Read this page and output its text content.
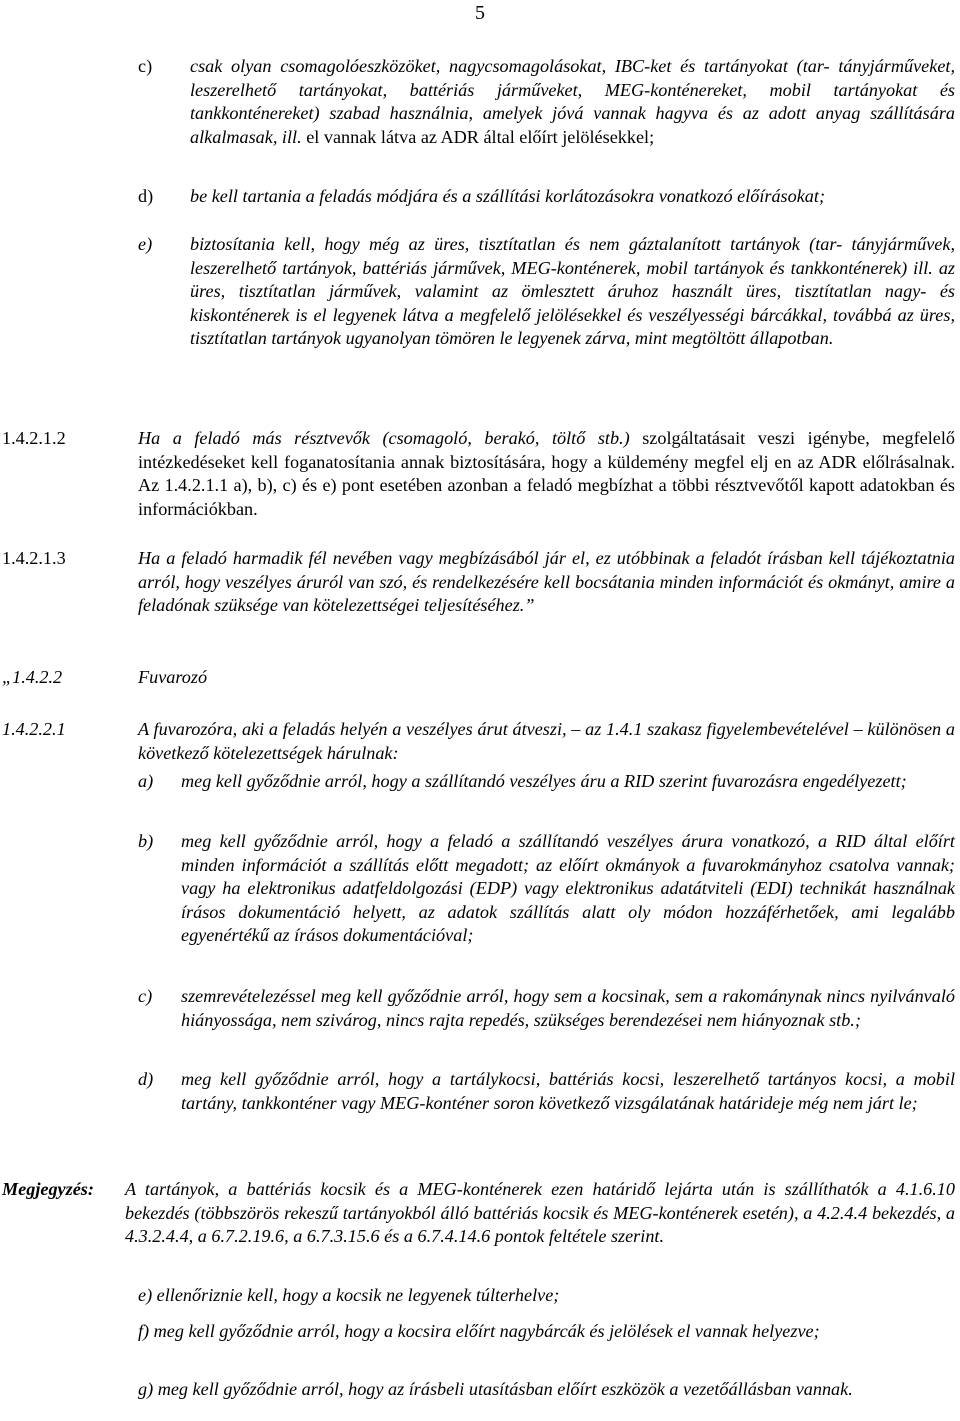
5
c) csak olyan csomagolóeszközöket, nagycsomagolásokat, IBC-ket és tartányokat (tar- tányjárműveket, leszerelhető tartányokat, battériás járműveket, MEG-konténereket, mobil tartányokat és tankkonténereket) szabad használnia, amelyek jóvá vannak hagyva és az adott anyag szállítására alkalmasak, ill. el vannak látva az ADR által előírt jelölésekkel;
d) be kell tartania a feladás módjára és a szállítási korlátozásokra vonatkozó előírásokat;
e) biztosítania kell, hogy még az üres, tisztítatlan és nem gáztalanított tartányok (tar- tányjárművek, leszerelhető tartányok, battériás járművek, MEG-konténerek, mobil tartányok és tankkonténerek) ill. az üres, tisztítatlan járművek, valamint az ömlesztett áruhoz használt üres, tisztítatlan nagy- és kiskonténerek is el legyenek látva a megfelelő jelölésekkel és veszélyességi bárcákkal, továbbá az üres, tisztítatlan tartányok ugyanolyan tömören le legyenek zárva, mint megtöltött állapotban.
1.4.2.1.2	Ha a feladó más résztvevők (csomagoló, berakó, töltő stb.) szolgáltatásait veszi igénybe, megfelelő intézkedéseket kell foganatosítania annak biztosítására, hogy a küldemény megfel elj en az ADR előlrásalnak. Az 1.4.2.1.1 a), b), c) és e) pont esetében azonban a feladó megbízhat a többi résztvevőtől kapott adatokban és információkban.
1.4.2.1.3	Ha a feladó harmadik fél nevében vagy megbízásából jár el, ez utóbbinak a feladót írásban kell tájékoztatnia arról, hogy veszélyes áruról van szó, és rendelkezésére kell bocsátania minden információt és okmányt, amire a feladónak szüksége van kötelezettségei teljesítéséhez.”
„1.4.2.2	Fuvarozó
1.4.2.2.1	A fuvarozóra, aki a feladás helyén a veszélyes árut átveszi, – az 1.4.1 szakasz figyelembevételével – különösen a következő kötelezettségek hárulnak:
a) meg kell győződnie arról, hogy a szállítandó veszélyes áru a RID szerint fuvarozásra engedélyezett;
b) meg kell győződnie arról, hogy a feladó a szállítandó veszélyes árura vonatkozó, a RID által előírt minden információt a szállítás előtt megadott; az előírt okmányok a fuvarokmányhoz csatolva vannak; vagy ha elektronikus adatfeldolgozási (EDP) vagy elektronikus adatátviteli (EDI) technikát használnak írásos dokumentáció helyett, az adatok szállítás alatt oly módon hozzáférhetőek, ami legalább egyenértékű az írásos dokumentációval;
c) szemrevételezéssel meg kell győződnie arról, hogy sem a kocsinak, sem a rakománynak nincs nyilvánvaló hiányossága, nem szivárog, nincs rajta repedés, szükséges berendezései nem hiányoznak stb.;
d) meg kell győződnie arról, hogy a tartálykocsi, battériás kocsi, leszerelhető tartányos kocsi, a mobil tartány, tankkonténer vagy MEG-konténer soron következő vizsgálatának határideje még nem járt le;
Megjegyzés: A tartányok, a battériás kocsik és a MEG-konténerek ezen határidő lejárta után is szállíthatók a 4.1.6.10 bekezdés (többszörös rekeszű tartányokból álló battériás kocsik és MEG-konténerek esetén), a 4.2.4.4 bekezdés, a 4.3.2.4.4, a 6.7.2.19.6, a 6.7.3.15.6 és a 6.7.4.14.6 pontok feltétele szerint.
e) ellenőriznie kell, hogy a kocsik ne legyenek túlterhelve;
f) meg kell győződnie arról, hogy a kocsira előírt nagybárcák és jelölések el vannak helyezve;
g) meg kell győződnie arról, hogy az írásbeli utasításban előírt eszközök a vezetőállásban vannak.
